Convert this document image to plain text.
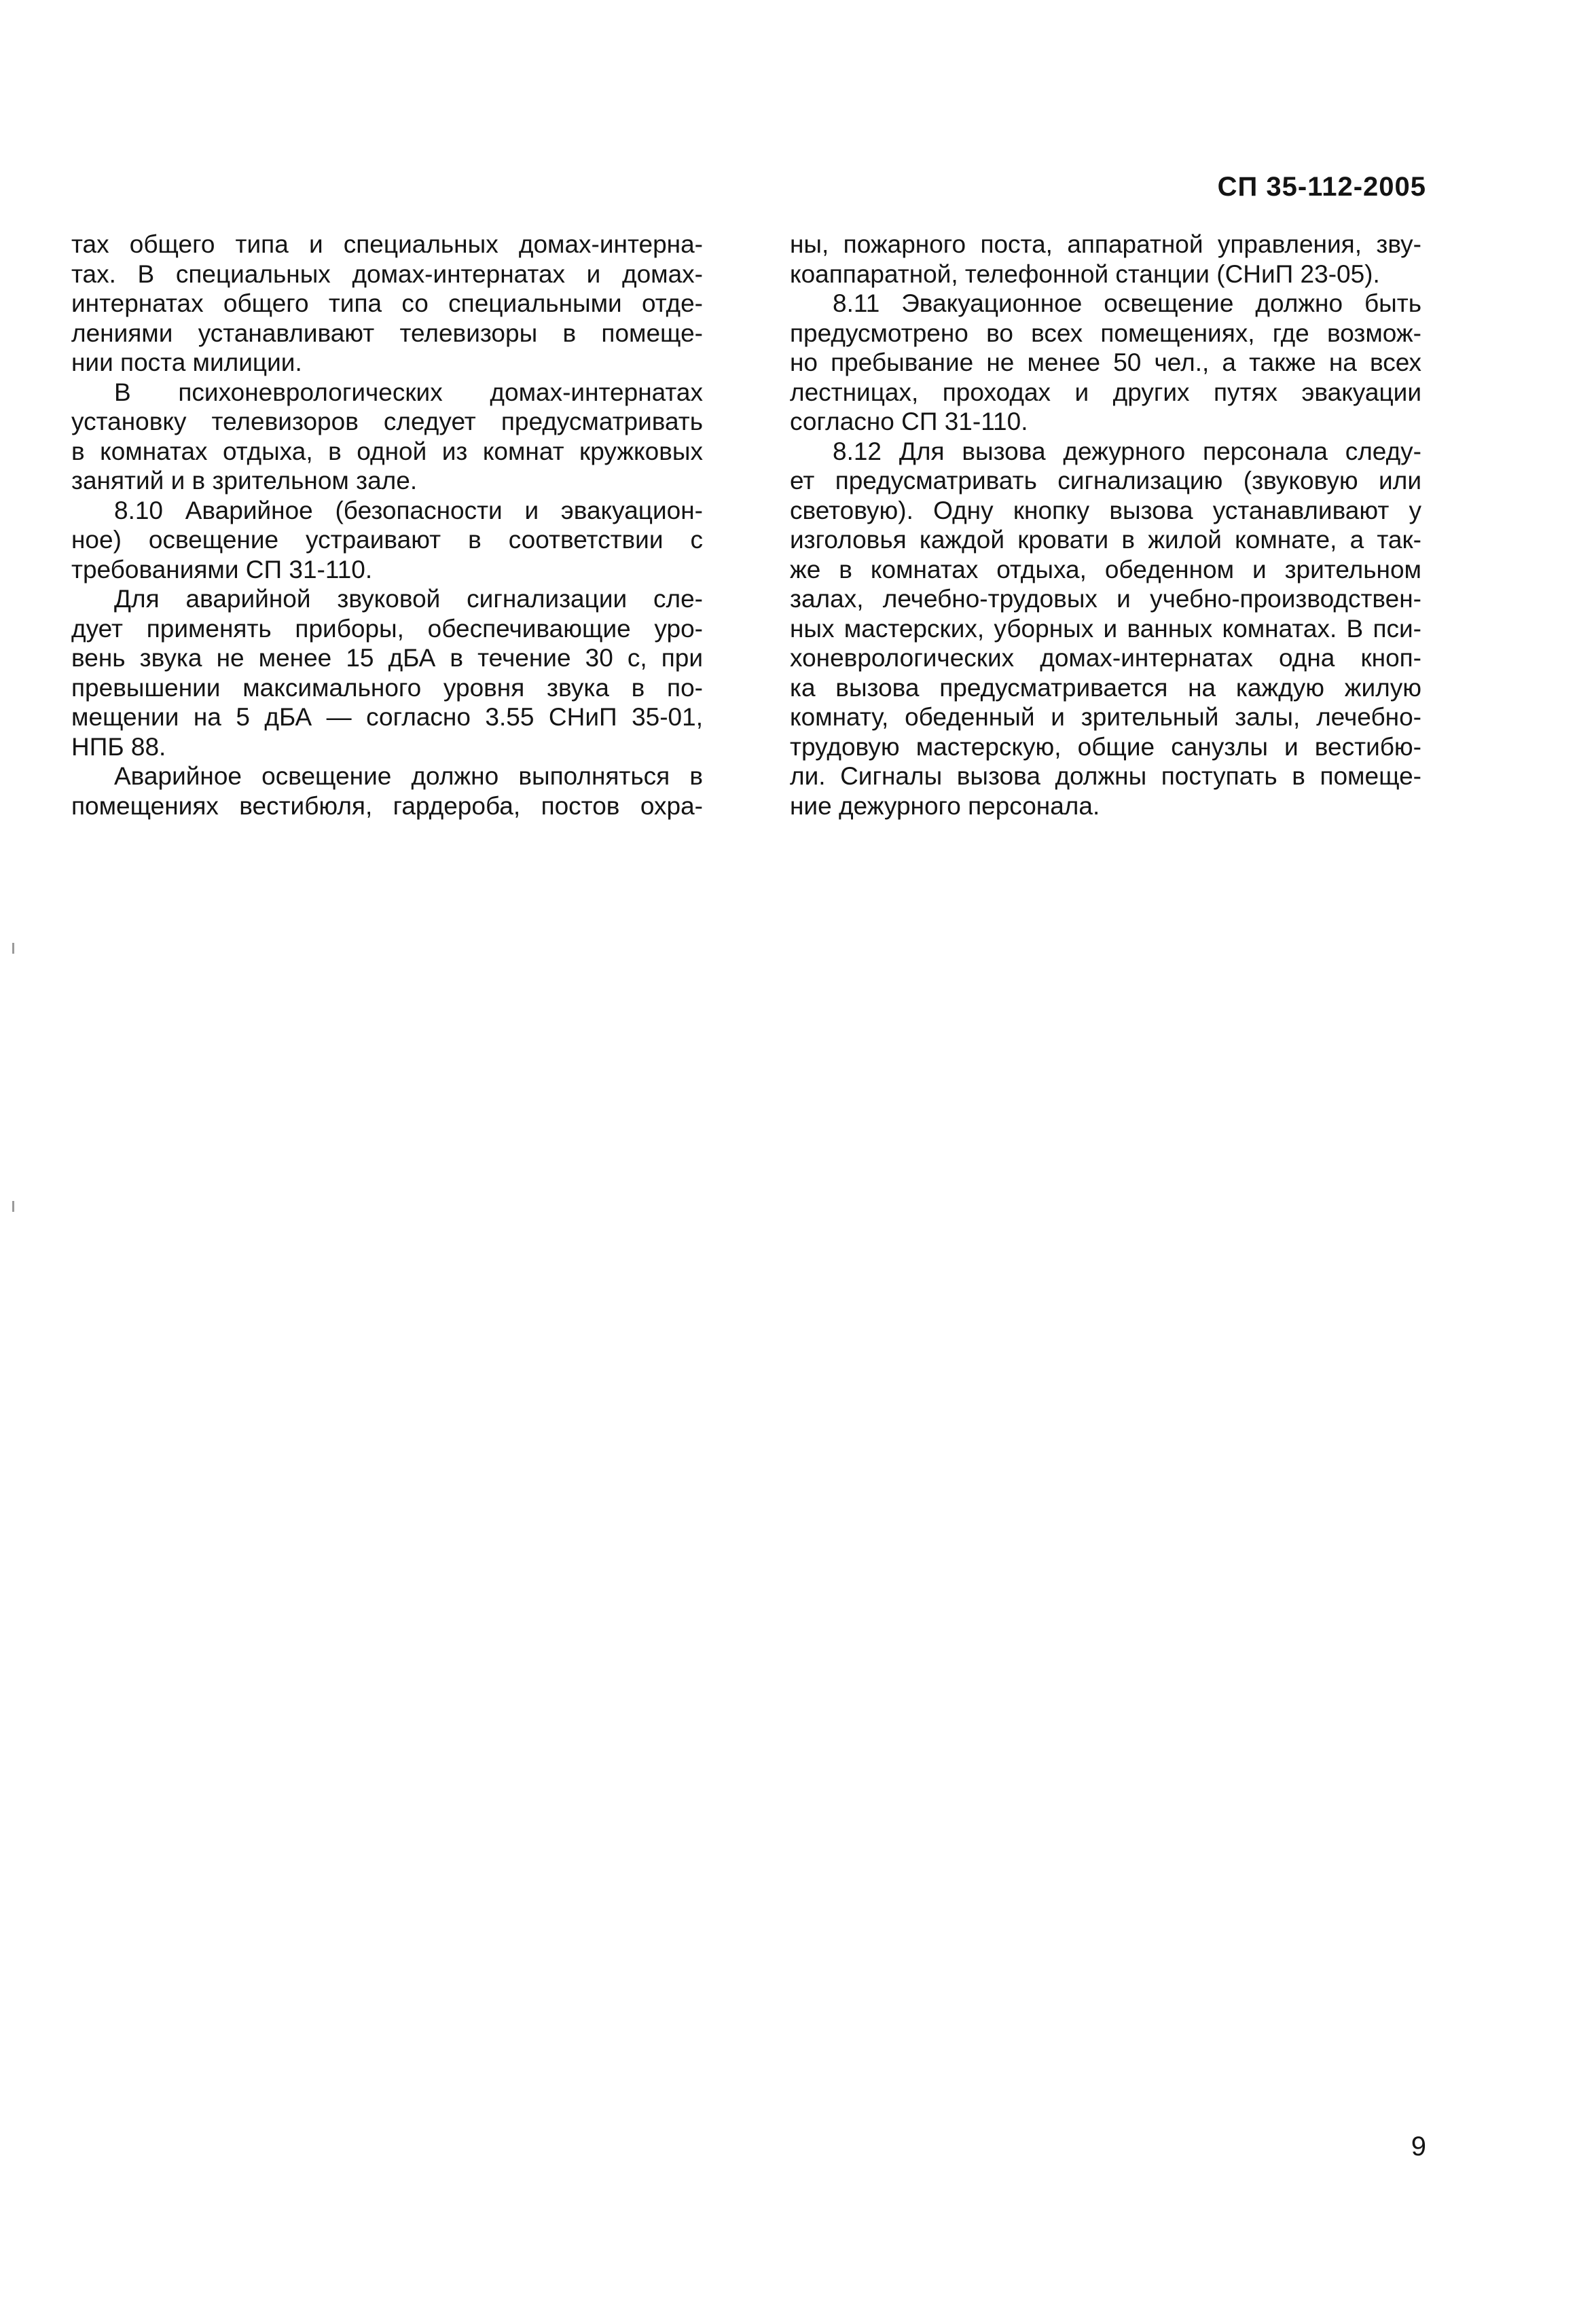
СП 35-112-2005
тах общего типа и специальных домах-интерна-
тах. В специальных домах-интернатах и домах-
интернатах общего типа со специальными отде-
лениями устанавливают телевизоры в помеще-
нии поста милиции.
В психоневрологических домах-интернатах
установку телевизоров следует предусматривать
в комнатах отдыха, в одной из комнат кружковых
занятий и в зрительном зале.
8.10 Аварийное (безопасности и эвакуацион-
ное) освещение устраивают в соответствии с
требованиями СП 31-110.
Для аварийной звуковой сигнализации сле-
дует применять приборы, обеспечивающие уро-
вень звука не менее 15 дБА в течение 30 с, при
превышении максимального уровня звука в по-
мещении на 5 дБА — согласно 3.55 СНиП 35-01,
НПБ 88.
Аварийное освещение должно выполняться в
помещениях вестибюля, гардероба, постов охра-
ны, пожарного поста, аппаратной управления, зву-
коаппаратной, телефонной станции (СНиП 23-05).
8.11 Эвакуационное освещение должно быть
предусмотрено во всех помещениях, где возмож-
но пребывание не менее 50 чел., а также на всех
лестницах, проходах и других путях эвакуации
согласно СП 31-110.
8.12 Для вызова дежурного персонала следу-
ет предусматривать сигнализацию (звуковую или
световую). Одну кнопку вызова устанавливают у
изголовья каждой кровати в жилой комнате, а так-
же в комнатах отдыха, обеденном и зрительном
залах, лечебно-трудовых и учебно-производствен-
ных мастерских, уборных и ванных комнатах. В пси-
хоневрологических домах-интернатах одна кноп-
ка вызова предусматривается на каждую жилую
комнату, обеденный и зрительный залы, лечебно-
трудовую мастерскую, общие санузлы и вестибю-
ли. Сигналы вызова должны поступать в помеще-
ние дежурного персонала.
9
